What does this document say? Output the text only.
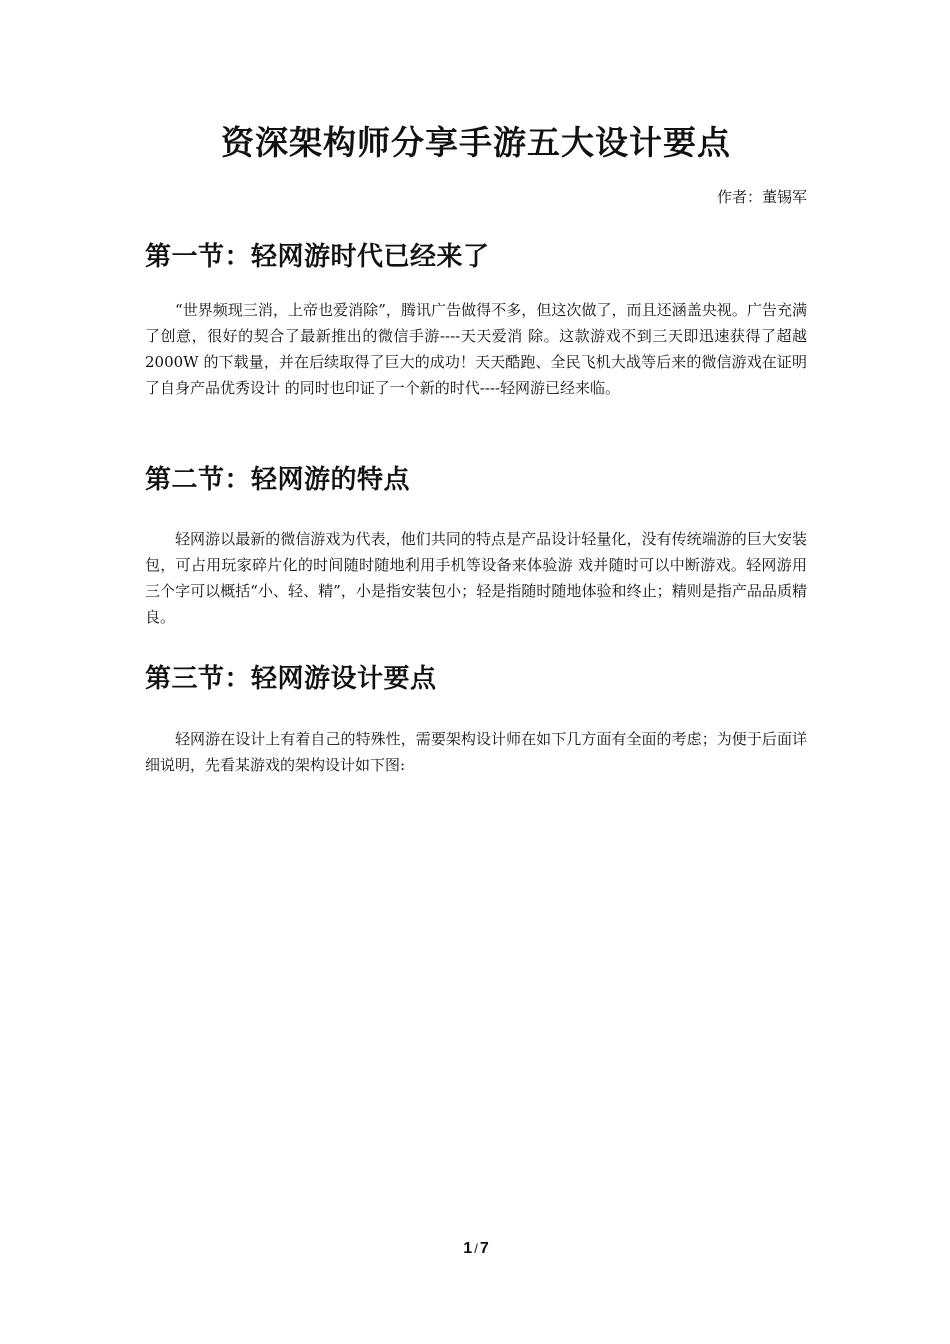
资深架构师分享手游五大设计要点
作者：董锡军
第一节：轻网游时代已经来了

“世界频现三消，上帝也爱消除”，腾讯广告做得不多，但这次做了，而且还涵盖央视。广告充满了创意，很好的契合了最新推出的微信手游----天天爱消 除。这款游戏不到三天即迅速获得了超越 2000W 的下载量，并在后续取得了巨大的成功！天天酷跑、全民飞机大战等后来的微信游戏在证明了自身产品优秀设计 的同时也印证了一个新的时代----轻网游已经来临。

第二节：轻网游的特点

轻网游以最新的微信游戏为代表，他们共同的特点是产品设计轻量化，没有传统端游的巨大安装包，可占用玩家碎片化的时间随时随地利用手机等设备来体验游 戏并随时可以中断游戏。轻网游用三个字可以概括“小、轻、精”，小是指安装包小；轻是指随时随地体验和终止；精则是指产品品质精良。

第三节：轻网游设计要点

轻网游在设计上有着自己的特殊性，需要架构设计师在如下几方面有全面的考虑；为便于后面详细说明，先看某游戏的架构设计如下图:

1 / 7
